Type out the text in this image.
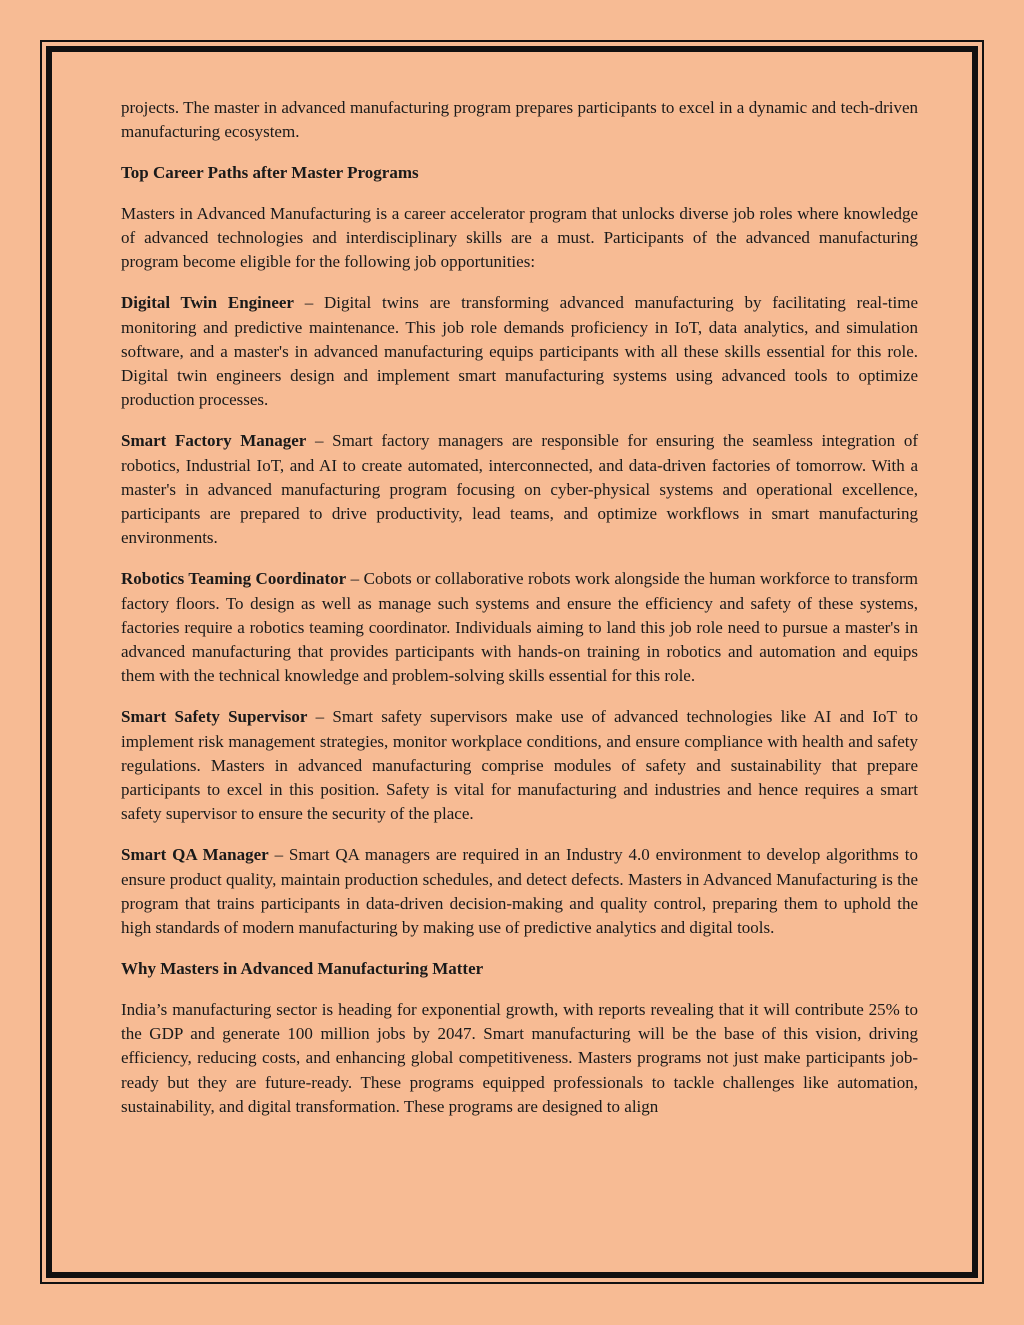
projects. The master in advanced manufacturing program prepares participants to excel in a dynamic and tech-driven manufacturing ecosystem.

Top Career Paths after Master Programs

Masters in Advanced Manufacturing is a career accelerator program that unlocks diverse job roles where knowledge of advanced technologies and interdisciplinary skills are a must. Participants of the advanced manufacturing program become eligible for the following job opportunities:

Digital Twin Engineer – Digital twins are transforming advanced manufacturing by facilitating real-time monitoring and predictive maintenance. This job role demands proficiency in IoT, data analytics, and simulation software, and a master's in advanced manufacturing equips participants with all these skills essential for this role. Digital twin engineers design and implement smart manufacturing systems using advanced tools to optimize production processes.

Smart Factory Manager – Smart factory managers are responsible for ensuring the seamless integration of robotics, Industrial IoT, and AI to create automated, interconnected, and data-driven factories of tomorrow. With a master's in advanced manufacturing program focusing on cyber-physical systems and operational excellence, participants are prepared to drive productivity, lead teams, and optimize workflows in smart manufacturing environments.

Robotics Teaming Coordinator – Cobots or collaborative robots work alongside the human workforce to transform factory floors. To design as well as manage such systems and ensure the efficiency and safety of these systems, factories require a robotics teaming coordinator. Individuals aiming to land this job role need to pursue a master's in advanced manufacturing that provides participants with hands-on training in robotics and automation and equips them with the technical knowledge and problem-solving skills essential for this role.

Smart Safety Supervisor – Smart safety supervisors make use of advanced technologies like AI and IoT to implement risk management strategies, monitor workplace conditions, and ensure compliance with health and safety regulations. Masters in advanced manufacturing comprise modules of safety and sustainability that prepare participants to excel in this position. Safety is vital for manufacturing and industries and hence requires a smart safety supervisor to ensure the security of the place.

Smart QA Manager – Smart QA managers are required in an Industry 4.0 environment to develop algorithms to ensure product quality, maintain production schedules, and detect defects. Masters in Advanced Manufacturing is the program that trains participants in data-driven decision-making and quality control, preparing them to uphold the high standards of modern manufacturing by making use of predictive analytics and digital tools.

Why Masters in Advanced Manufacturing Matter

India’s manufacturing sector is heading for exponential growth, with reports revealing that it will contribute 25% to the GDP and generate 100 million jobs by 2047. Smart manufacturing will be the base of this vision, driving efficiency, reducing costs, and enhancing global competitiveness. Masters programs not just make participants job-ready but they are future-ready. These programs equipped professionals to tackle challenges like automation, sustainability, and digital transformation. These programs are designed to align
